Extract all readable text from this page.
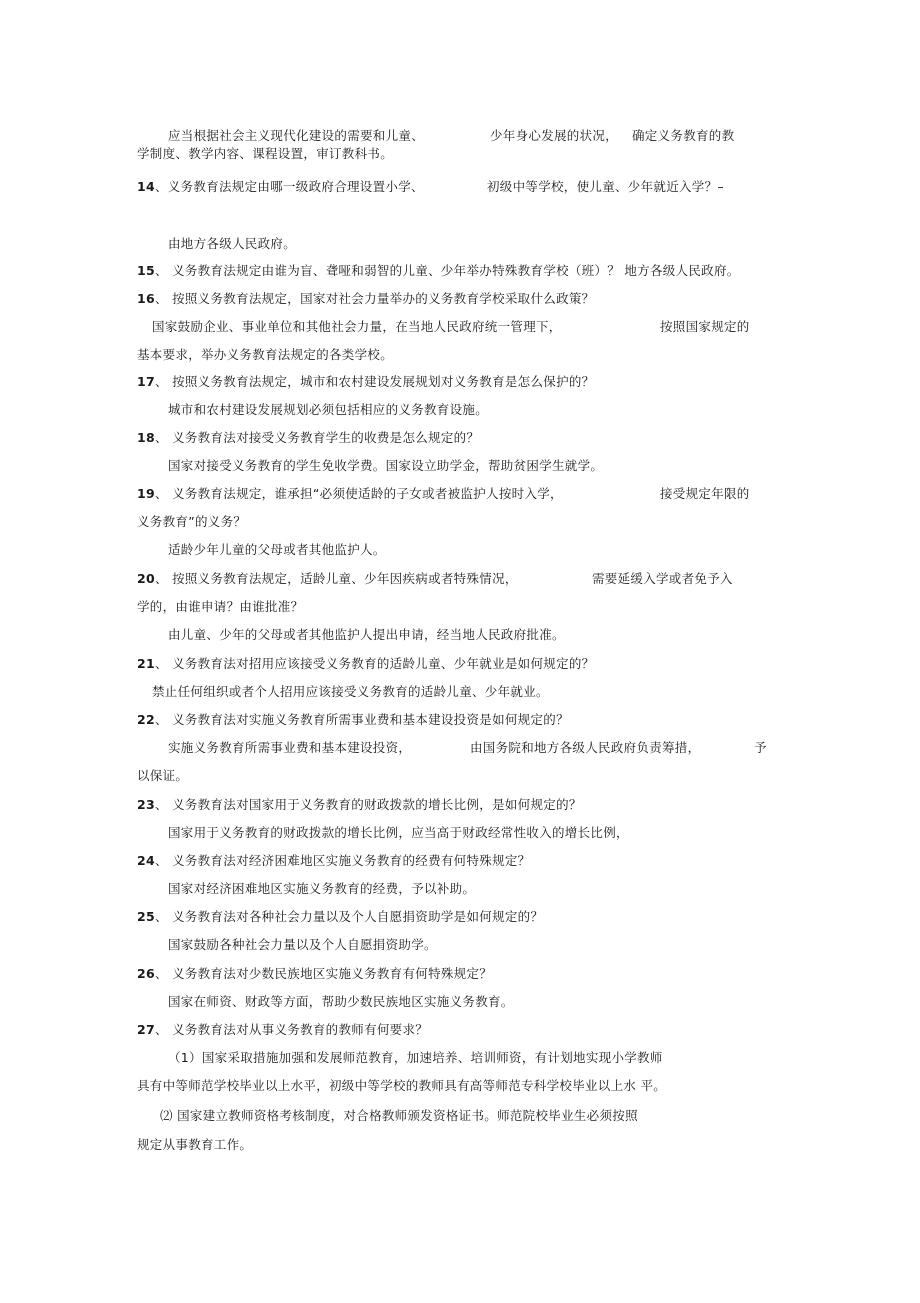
应当根据社会主义现代化建设的需要和儿童、	少年身心发展的状况， 确定义务教育的教
学制度、教学内容、课程设置，审订教科书。
14、义务教育法规定由哪一级政府合理设置小学、	初级中等学校，使儿童、少年就近入学？–
由地方各级人民政府。
15、 义务教育法规定由谁为盲、聋哑和弱智的儿童、少年举办特殊教育学校（班）？ 地方各级人民政府。
16、 按照义务教育法规定，国家对社会力量举办的义务教育学校采取什么政策？
国家鼓励企业、事业单位和其他社会力量，在当地人民政府统一管理下，	按照国家规定的
基本要求，举办义务教育法规定的各类学校。
17、 按照义务教育法规定，城市和农村建设发展规划对义务教育是怎么保护的？
城市和农村建设发展规划必须包括相应的义务教育设施。
18、 义务教育法对接受义务教育学生的收费是怎么规定的？
国家对接受义务教育的学生免收学费。国家设立助学金，帮助贫困学生就学。
19、 义务教育法规定，谁承担“必须使适龄的子女或者被监护人按时入学，	接受规定年限的
义务教育”的义务？
适龄少年儿童的父母或者其他监护人。
20、 按照义务教育法规定，适龄儿童、少年因疾病或者特殊情况，	需要延缓入学或者免予入
学的，由谁申请？由谁批准？
由儿童、少年的父母或者其他监护人提出申请，经当地人民政府批准。
21、 义务教育法对招用应该接受义务教育的适龄儿童、少年就业是如何规定的？
禁止任何组织或者个人招用应该接受义务教育的适龄儿童、少年就业。
22、 义务教育法对实施义务教育所需事业费和基本建设投资是如何规定的？
实施义务教育所需事业费和基本建设投资，	由国务院和地方各级人民政府负责筹措，	予
以保证。
23、 义务教育法对国家用于义务教育的财政拨款的增长比例，是如何规定的？
国家用于义务教育的财政拨款的增长比例，应当高于财政经常性收入的增长比例，
24、 义务教育法对经济困难地区实施义务教育的经费有何特殊规定？
国家对经济困难地区实施义务教育的经费，予以补助。
25、 义务教育法对各种社会力量以及个人自愿捐资助学是如何规定的？
国家鼓励各种社会力量以及个人自愿捐资助学。
26、 义务教育法对少数民族地区实施义务教育有何特殊规定？
国家在师资、财政等方面，帮助少数民族地区实施义务教育。
27、 义务教育法对从事义务教育的教师有何要求？
（1）国家采取措施加强和发展师范教育，加速培养、培训师资，有计划地实现小学教师
具有中等师范学校毕业以上水平，初级中等学校的教师具有高等师范专科学校毕业以上水 平。
⑵ 国家建立教师资格考核制度，对合格教师颁发资格证书。师范院校毕业生必须按照
规定从事教育工作。
